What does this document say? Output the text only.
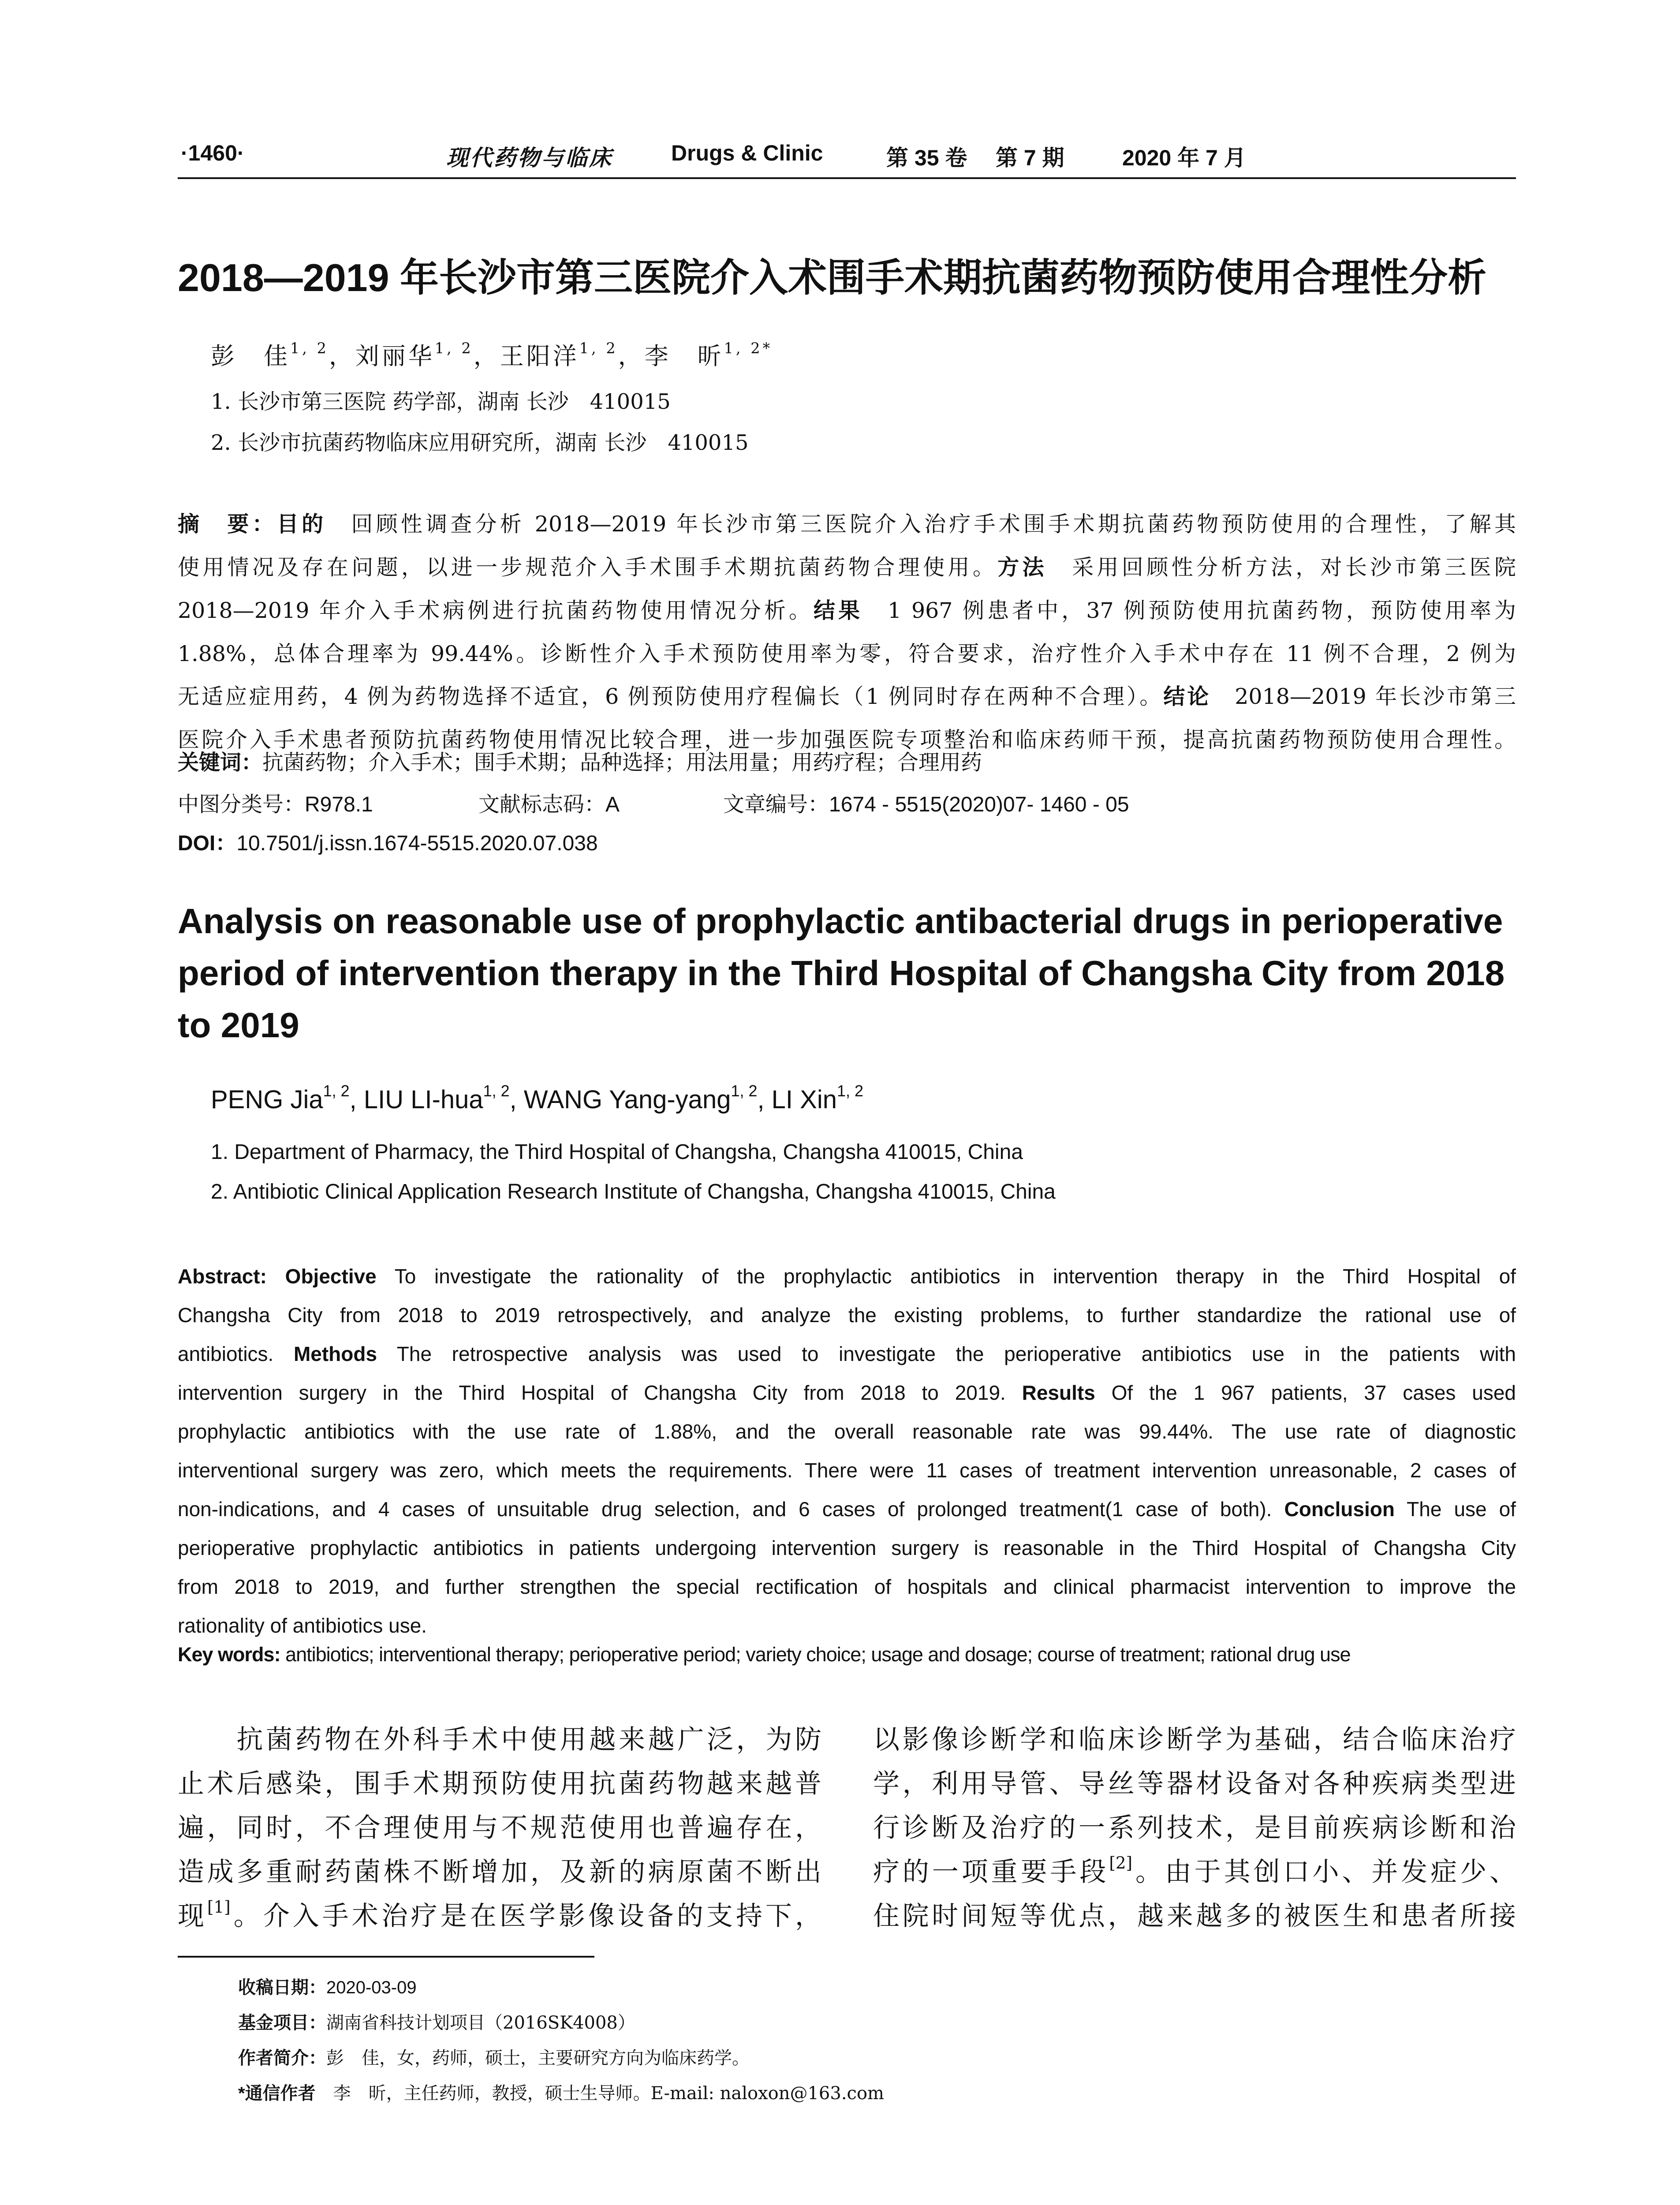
·1460·	现代药物与临床	Drugs & Clinic	第 35 卷 第 7 期	2020 年 7 月
2018—2019 年长沙市第三医院介入术围手术期抗菌药物预防使用合理性分析
彭　佳$^{1, 2}$，刘丽华$^{1, 2}$，王阳洋$^{1, 2}$，李　昕$^{1, 2*}$
1. 长沙市第三医院 药学部，湖南 长沙　410015
2. 长沙市抗菌药物临床应用研究所，湖南 长沙　410015
摘　要：目的　回顾性调查分析 2018—2019 年长沙市第三医院介入治疗手术围手术期抗菌药物预防使用的合理性，了解其
使用情况及存在问题，以进一步规范介入手术围手术期抗菌药物合理使用。方法　采用回顾性分析方法，对长沙市第三医院
2018—2019 年介入手术病例进行抗菌药物使用情况分析。结果　1 967 例患者中，37 例预防使用抗菌药物，预防使用率为
1.88%，总体合理率为 99.44%。诊断性介入手术预防使用率为零，符合要求，治疗性介入手术中存在 11 例不合理，2 例为
无适应症用药，4 例为药物选择不适宜，6 例预防使用疗程偏长（1 例同时存在两种不合理）。结论　2018—2019 年长沙市第三
医院介入手术患者预防抗菌药物使用情况比较合理，进一步加强医院专项整治和临床药师干预，提高抗菌药物预防使用合理性。
关键词：抗菌药物；介入手术；围手术期；品种选择；用法用量；用药疗程；合理用药
中图分类号：R978.1	文献标志码：A	文章编号：1674 - 5515(2020)07- 1460 - 05
DOI：10.7501/j.issn.1674-5515.2020.07.038
Analysis on reasonable use of prophylactic antibacterial drugs in perioperative period of intervention therapy in the Third Hospital of Changsha City from 2018 to 2019
PENG Jia$^{1, 2}$, LIU LI-hua$^{1, 2}$, WANG Yang-yang$^{1, 2}$, LI Xin$^{1, 2}$
1. Department of Pharmacy, the Third Hospital of Changsha, Changsha 410015, China
2. Antibiotic Clinical Application Research Institute of Changsha, Changsha 410015, China
Abstract: Objective To investigate the rationality of the prophylactic antibiotics in intervention therapy in the Third Hospital of
Changsha City from 2018 to 2019 retrospectively, and analyze the existing problems, to further standardize the rational use of
antibiotics. Methods The retrospective analysis was used to investigate the perioperative antibiotics use in the patients with
intervention surgery in the Third Hospital of Changsha City from 2018 to 2019. Results Of the 1 967 patients, 37 cases used
prophylactic antibiotics with the use rate of 1.88%, and the overall reasonable rate was 99.44%. The use rate of diagnostic
interventional surgery was zero, which meets the requirements. There were 11 cases of treatment intervention unreasonable, 2 cases of
non-indications, and 4 cases of unsuitable drug selection, and 6 cases of prolonged treatment(1 case of both). Conclusion The use of
perioperative prophylactic antibiotics in patients undergoing intervention surgery is reasonable in the Third Hospital of Changsha City
from 2018 to 2019, and further strengthen the special rectification of hospitals and clinical pharmacist intervention to improve the
rationality of antibiotics use.
Key words: antibiotics; interventional therapy; perioperative period; variety choice; usage and dosage; course of treatment; rational drug use
　　抗菌药物在外科手术中使用越来越广泛，为防
止术后感染，围手术期预防使用抗菌药物越来越普
遍，同时，不合理使用与不规范使用也普遍存在，
造成多重耐药菌株不断增加，及新的病原菌不断出
现[1]。介入手术治疗是在医学影像设备的支持下，
以影像诊断学和临床诊断学为基础，结合临床治疗
学，利用导管、导丝等器材设备对各种疾病类型进
行诊断及治疗的一系列技术，是目前疾病诊断和治
疗的一项重要手段[2]。由于其创口小、并发症少、
住院时间短等优点，越来越多的被医生和患者所接
收稿日期：2020-03-09
基金项目：湖南省科技计划项目（2016SK4008）
作者简介：彭　佳，女，药师，硕士，主要研究方向为临床药学。
*通信作者　李　昕，主任药师，教授，硕士生导师。E-mail: naloxon@163.com
